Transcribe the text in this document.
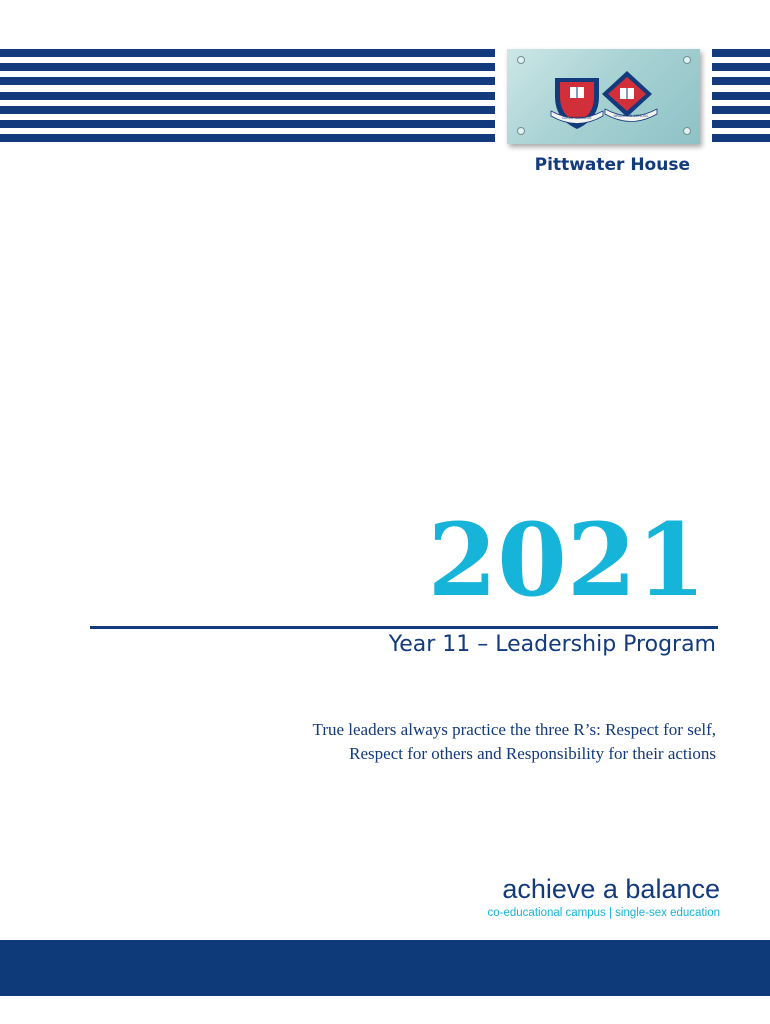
GIRLS' COLLEGE	GRAMMAR SCHOOL
Pittwater House
2021
Year 11 – Leadership Program
True leaders always practice the three R’s: Respect for self,
Respect for others and Responsibility for their actions
achieve a balance
co-educational campus | single-sex education
